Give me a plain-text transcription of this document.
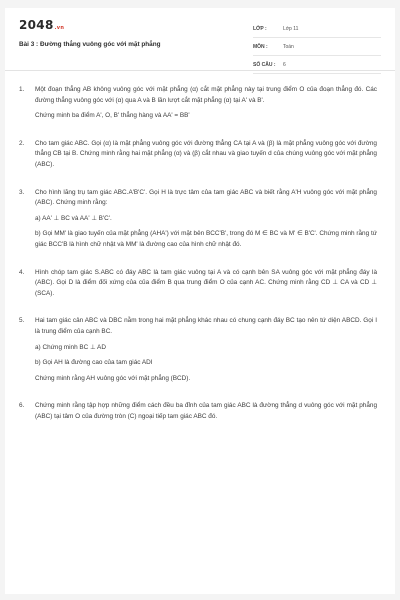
2048.vn
Bài 3 : Đường thẳng vuông góc với mặt phẳng
LỚP :	Lớp 11
MÔN :	Toán
SỐ CÂU :	6
1.	Một đoạn thẳng AB không vuông góc với mặt phẳng (α) cắt mặt phẳng này tại trung điểm O của đoạn thẳng đó. Các đường thẳng vuông góc với (α) qua A và B lần lượt cắt mặt phẳng (α) tại A' và B'.

Chứng minh ba điểm A', O, B' thẳng hàng và AA' = BB'

2.	Cho tam giác ABC. Gọi (α) là mặt phẳng vuông góc với đường thẳng CA tại A và (β) là mặt phẳng vuông góc với đường thẳng CB tại B. Chứng minh rằng hai mặt phẳng (α) và (β) cắt nhau và giao tuyến d của chúng vuông góc với mặt phẳng (ABC).

3.	Cho hình lăng trụ tam giác ABC.A'B'C'. Gọi H là trực tâm của tam giác ABC và biết rằng A'H vuông góc với mặt phẳng (ABC). Chứng minh rằng:

a) AA' ⊥ BC và AA' ⊥ B'C'.

b) Gọi MM' là giao tuyến của mặt phẳng (AHA') với mặt bên BCC'B', trong đó M ∈ BC và M' ∈ B'C'. Chứng minh rằng tứ giác BCC'B là hình chữ nhật và MM' là đường cao của hình chữ nhật đó.

4.	Hình chóp tam giác S.ABC có đáy ABC là tam giác vuông tại A và có cạnh bên SA vuông góc với mặt phẳng đáy là (ABC). Gọi D là điểm đối xứng của của điểm B qua trung điểm O của cạnh AC. Chứng minh rằng CD ⊥ CA và CD ⊥ (SCA).

5.	Hai tam giác cân ABC và DBC nằm trong hai mặt phẳng khác nhau có chung cạnh đáy BC tạo nên tứ diện ABCD. Gọi I là trung điểm của cạnh BC.

a) Chứng minh BC ⊥ AD

b) Gọi AH là đường cao của tam giác ADI

Chứng minh rằng AH vuông góc với mặt phẳng (BCD).

6.	Chứng minh rằng tập hợp những điểm cách đều ba đỉnh của tam giác ABC là đường thẳng d vuông góc với mặt phẳng (ABC) tại tâm O của đường tròn (C) ngoại tiếp tam giác ABC đó.
